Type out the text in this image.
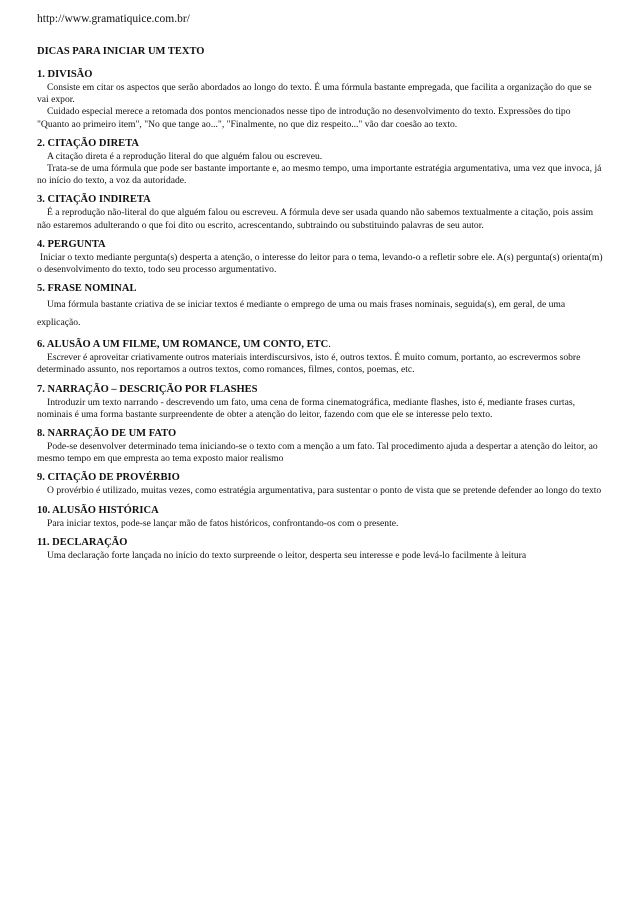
http://www.gramatiquice.com.br/
DICAS PARA INICIAR UM TEXTO
1. DIVISÃO

Consiste em citar os aspectos que serão abordados ao longo do texto. É uma fórmula bastante empregada, que facilita a organização do que se vai expor.

Cuidado especial merece a retomada dos pontos mencionados nesse tipo de introdução no desenvolvimento do texto. Expressões do tipo "Quanto ao primeiro item", "No que tange ao...", "Finalmente, no que diz respeito..." vão dar coesão ao texto.

2. CITAÇÃO DIRETA

A citação direta é a reprodução literal do que alguém falou ou escreveu.

Trata-se de uma fórmula que pode ser bastante importante e, ao mesmo tempo, uma importante estratégia argumentativa, uma vez que invoca, já no início do texto, a voz da autoridade.

3. CITAÇÃO INDIRETA

É a reprodução não-literal do que alguém falou ou escreveu. A fórmula deve ser usada quando não sabemos textualmente a citação, pois assim não estaremos adulterando o que foi dito ou escrito, acrescentando, subtraindo ou substituindo palavras de seu autor.

4. PERGUNTA

Iniciar o texto mediante pergunta(s) desperta a atenção, o interesse do leitor para o tema, levando-o a refletir sobre ele. A(s) pergunta(s) orienta(m) o desenvolvimento do texto, todo seu processo argumentativo.

5. FRASE NOMINAL

Uma fórmula bastante criativa de se iniciar textos é mediante o emprego de uma ou mais frases nominais, seguida(s), em geral, de uma explicação.

6. ALUSÃO A UM FILME, UM ROMANCE, UM CONTO, ETC.

Escrever é aproveitar criativamente outros materiais interdiscursivos, isto é, outros textos. É muito comum, portanto, ao escrevermos sobre determinado assunto, nos reportamos a outros textos, como romances, filmes, contos, poemas, etc.

7. NARRAÇÃO – DESCRIÇÃO POR FLASHES

Introduzir um texto narrando - descrevendo um fato, uma cena de forma cinematográfica, mediante flashes, isto é, mediante frases curtas, nominais é uma forma bastante surpreendente de obter a atenção do leitor, fazendo com que ele se interesse pelo texto.

8. NARRAÇÃO DE UM FATO

Pode-se desenvolver determinado tema iniciando-se o texto com a menção a um fato. Tal procedimento ajuda a despertar a atenção do leitor, ao mesmo tempo em que empresta ao tema exposto maior realismo

9. CITAÇÃO DE PROVÉRBIO

O provérbio é utilizado, muitas vezes, como estratégia argumentativa, para sustentar o ponto de vista que se pretende defender ao longo do texto

10. ALUSÃO HISTÓRICA

Para iniciar textos, pode-se lançar mão de fatos históricos, confrontando-os com o presente.

11. DECLARAÇÃO

Uma declaração forte lançada no início do texto surpreende o leitor, desperta seu interesse e pode levá-lo facilmente à leitura
